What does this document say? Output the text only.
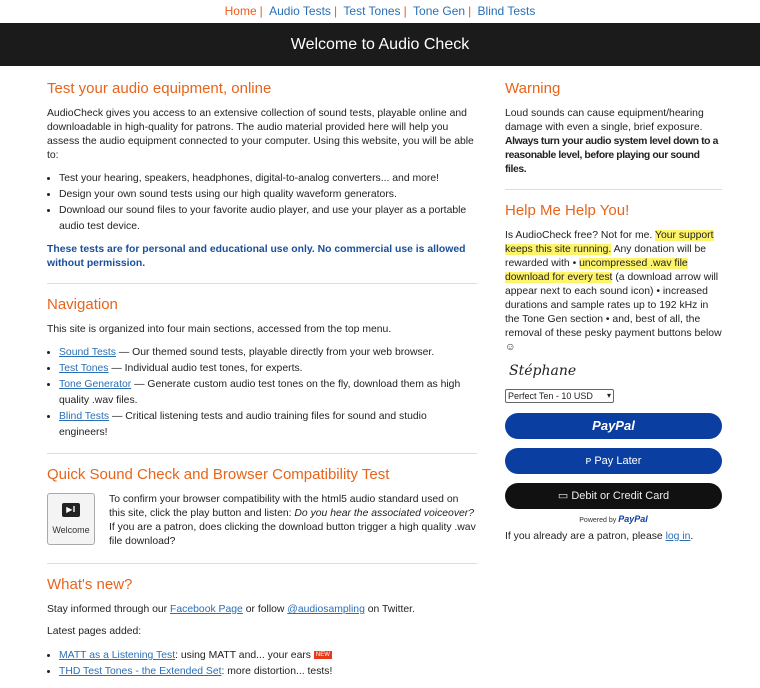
Home | Audio Tests | Test Tones | Tone Gen | Blind Tests
Welcome to Audio Check
Test your audio equipment, online

AudioCheck gives you access to an extensive collection of sound tests, playable online and downloadable in high-quality for patrons. The audio material provided here will help you assess the audio equipment connected to your computer. Using this website, you will be able to:

• Test your hearing, speakers, headphones, digital-to-analog converters... and more!
• Design your own sound tests using our high quality waveform generators.
• Download our sound files to your favorite audio player, and use your player as a portable audio test device.

These tests are for personal and educational use only. No commercial use is allowed without permission.

Navigation

This site is organized into four main sections, accessed from the top menu.

• Sound Tests — Our themed sound tests, playable directly from your web browser.
• Test Tones — Individual audio test tones, for experts.
• Tone Generator — Generate custom audio test tones on the fly, download them as high quality .wav files.
• Blind Tests — Critical listening tests and audio training files for sound and studio engineers!
Quick Sound Check and Browser Compatibility Test
▶‖
Welcome

To confirm your browser compatibility with the html5 audio standard used on this site, click the play button and listen: Do you hear the associated voiceover? If you are a patron, does clicking the download button trigger a high quality .wav file download?

What's new?

Stay informed through our Facebook Page or follow @audiosampling on Twitter.

Latest pages added:

• MATT as a Listening Test: using MATT and... your ears NEW
• THD Test Tones - the Extended Set: more distortion... tests!
Warning

Loud sounds can cause equipment/hearing damage with even a single, brief exposure. Always turn your audio system level down to a reasonable level, before playing our sound files.

Help Me Help You!

Is AudioCheck free? Not for me. Your support keeps this site running. Any donation will be rewarded with • uncompressed .wav file download for every test (a download arrow will appear next to each sound icon) • increased durations and sample rates up to 192 kHz in the Tone Gen section • and, best of all, the removal of these pesky payment buttons below ☺

Stéphane
Perfect Ten - 10 USD ▾
PayPal
ᴘ Pay Later
▭ Debit or Credit Card
Powered by PayPal

If you already are a patron, please log in.
